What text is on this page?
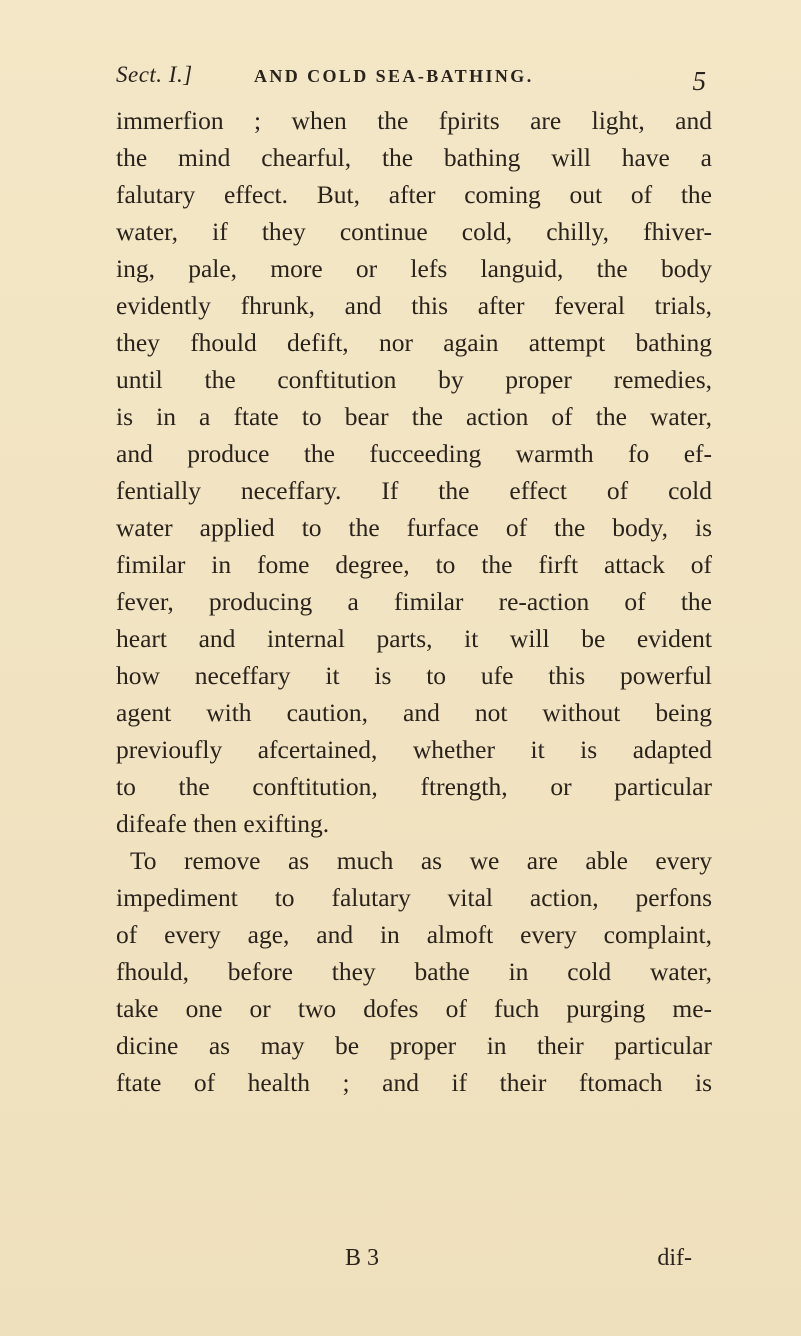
Sect. I.]	AND COLD SEA-BATHING.	5
immerfion ; when the fpirits are light, and
the mind chearful, the bathing will have a
falutary effect. But, after coming out of the
water, if they continue cold, chilly, fhiver-
ing, pale, more or lefs languid, the body
evidently fhrunk, and this after feveral trials,
they fhould defift, nor again attempt bathing
until the conftitution by proper remedies,
is in a ftate to bear the action of the water,
and produce the fucceeding warmth fo ef-
fentially neceffary. If the effect of cold
water applied to the furface of the body, is
fimilar in fome degree, to the firft attack of
fever, producing a fimilar re-action of the
heart and internal parts, it will be evident
how neceffary it is to ufe this powerful
agent with caution, and not without being
previoufly afcertained, whether it is adapted
to the conftitution, ftrength, or particular
difeafe then exifting.
To remove as much as we are able every
impediment to falutary vital action, perfons
of every age, and in almoft every complaint,
fhould, before they bathe in cold water,
take one or two dofes of fuch purging me-
dicine as may be proper in their particular
ftate of health ; and if their ftomach is
B 3	dif-
